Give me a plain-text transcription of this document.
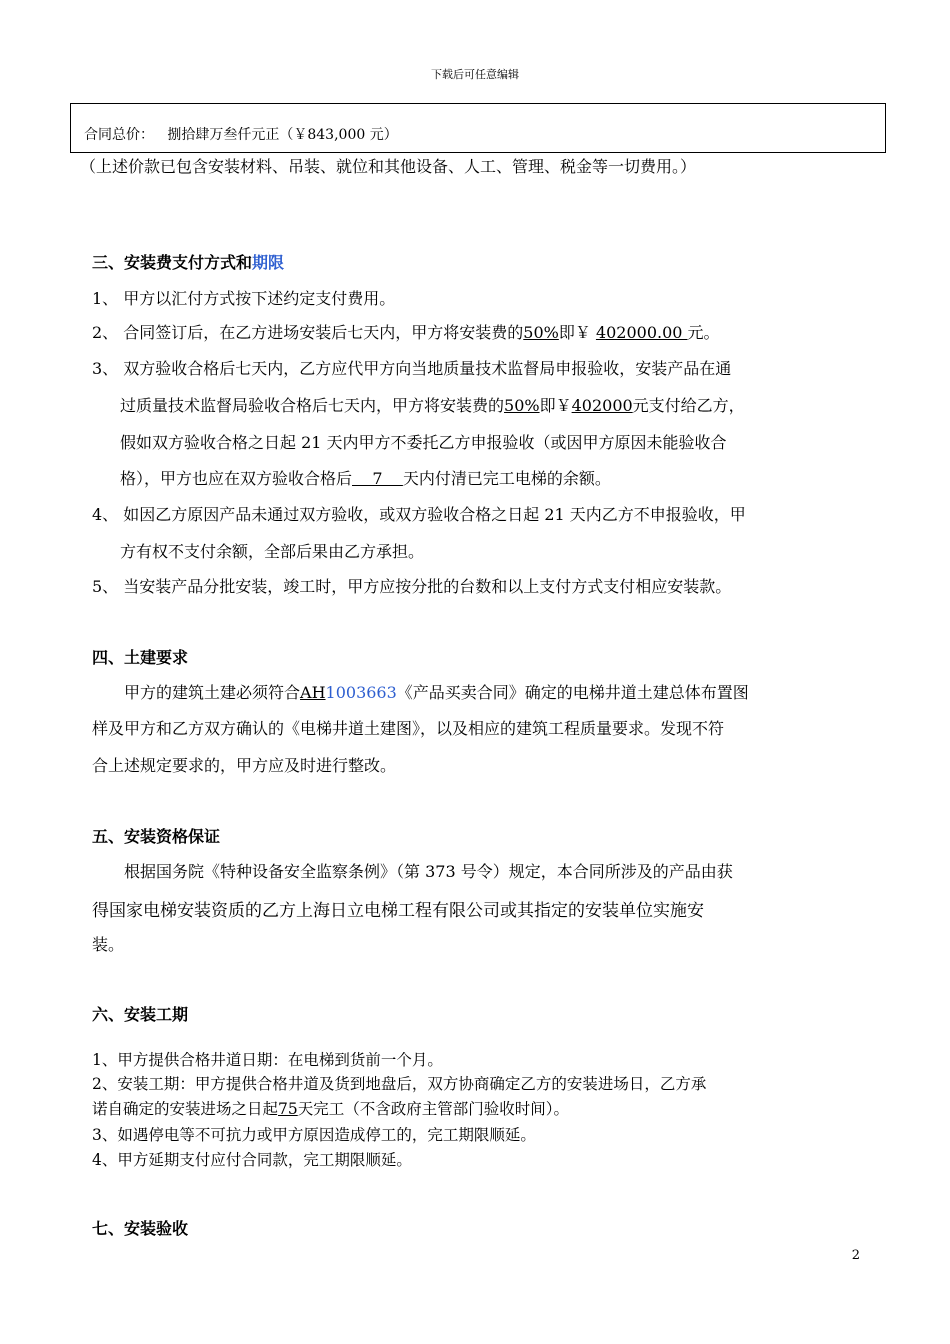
下载后可任意编辑
合同总价： 捌拾肆万叁仟元正（￥843,000 元）
（上述价款已包含安装材料、吊装、就位和其他设备、人工、管理、税金等一切费用。）
三、安装费支付方式和期限
1、 甲方以汇付方式按下述约定支付费用。
2、 合同签订后，在乙方进场安装后七天内，甲方将安装费的50%即￥ 402000.00 元。
3、 双方验收合格后七天内，乙方应代甲方向当地质量技术监督局申报验收，安装产品在通
过质量技术监督局验收合格后七天内，甲方将安装费的50%即￥402000元支付给乙方，
假如双方验收合格之日起 21 天内甲方不委托乙方申报验收（或因甲方原因未能验收合
格），甲方也应在双方验收合格后    7    天内付清已完工电梯的余额。
4、 如因乙方原因产品未通过双方验收，或双方验收合格之日起 21 天内乙方不申报验收，甲
方有权不支付余额，全部后果由乙方承担。
5、 当安装产品分批安装，竣工时，甲方应按分批的台数和以上支付方式支付相应安装款。
四、土建要求
甲方的建筑土建必须符合AH1003663《产品买卖合同》确定的电梯井道土建总体布置图
样及甲方和乙方双方确认的《电梯井道土建图》，以及相应的建筑工程质量要求。发现不符
合上述规定要求的，甲方应及时进行整改。
五、安装资格保证
根据国务院《特种设备安全监察条例》（第 373 号令）规定，本合同所涉及的产品由获
得国家电梯安装资质的乙方上海日立电梯工程有限公司或其指定的安装单位实施安
装。
六、安装工期
1、甲方提供合格井道日期：在电梯到货前一个月。
2、安装工期：甲方提供合格井道及货到地盘后，双方协商确定乙方的安装进场日，乙方承
诺自确定的安装进场之日起75天完工（不含政府主管部门验收时间）。
3、如遇停电等不可抗力或甲方原因造成停工的，完工期限顺延。
4、甲方延期支付应付合同款，完工期限顺延。
七、安装验收
2
